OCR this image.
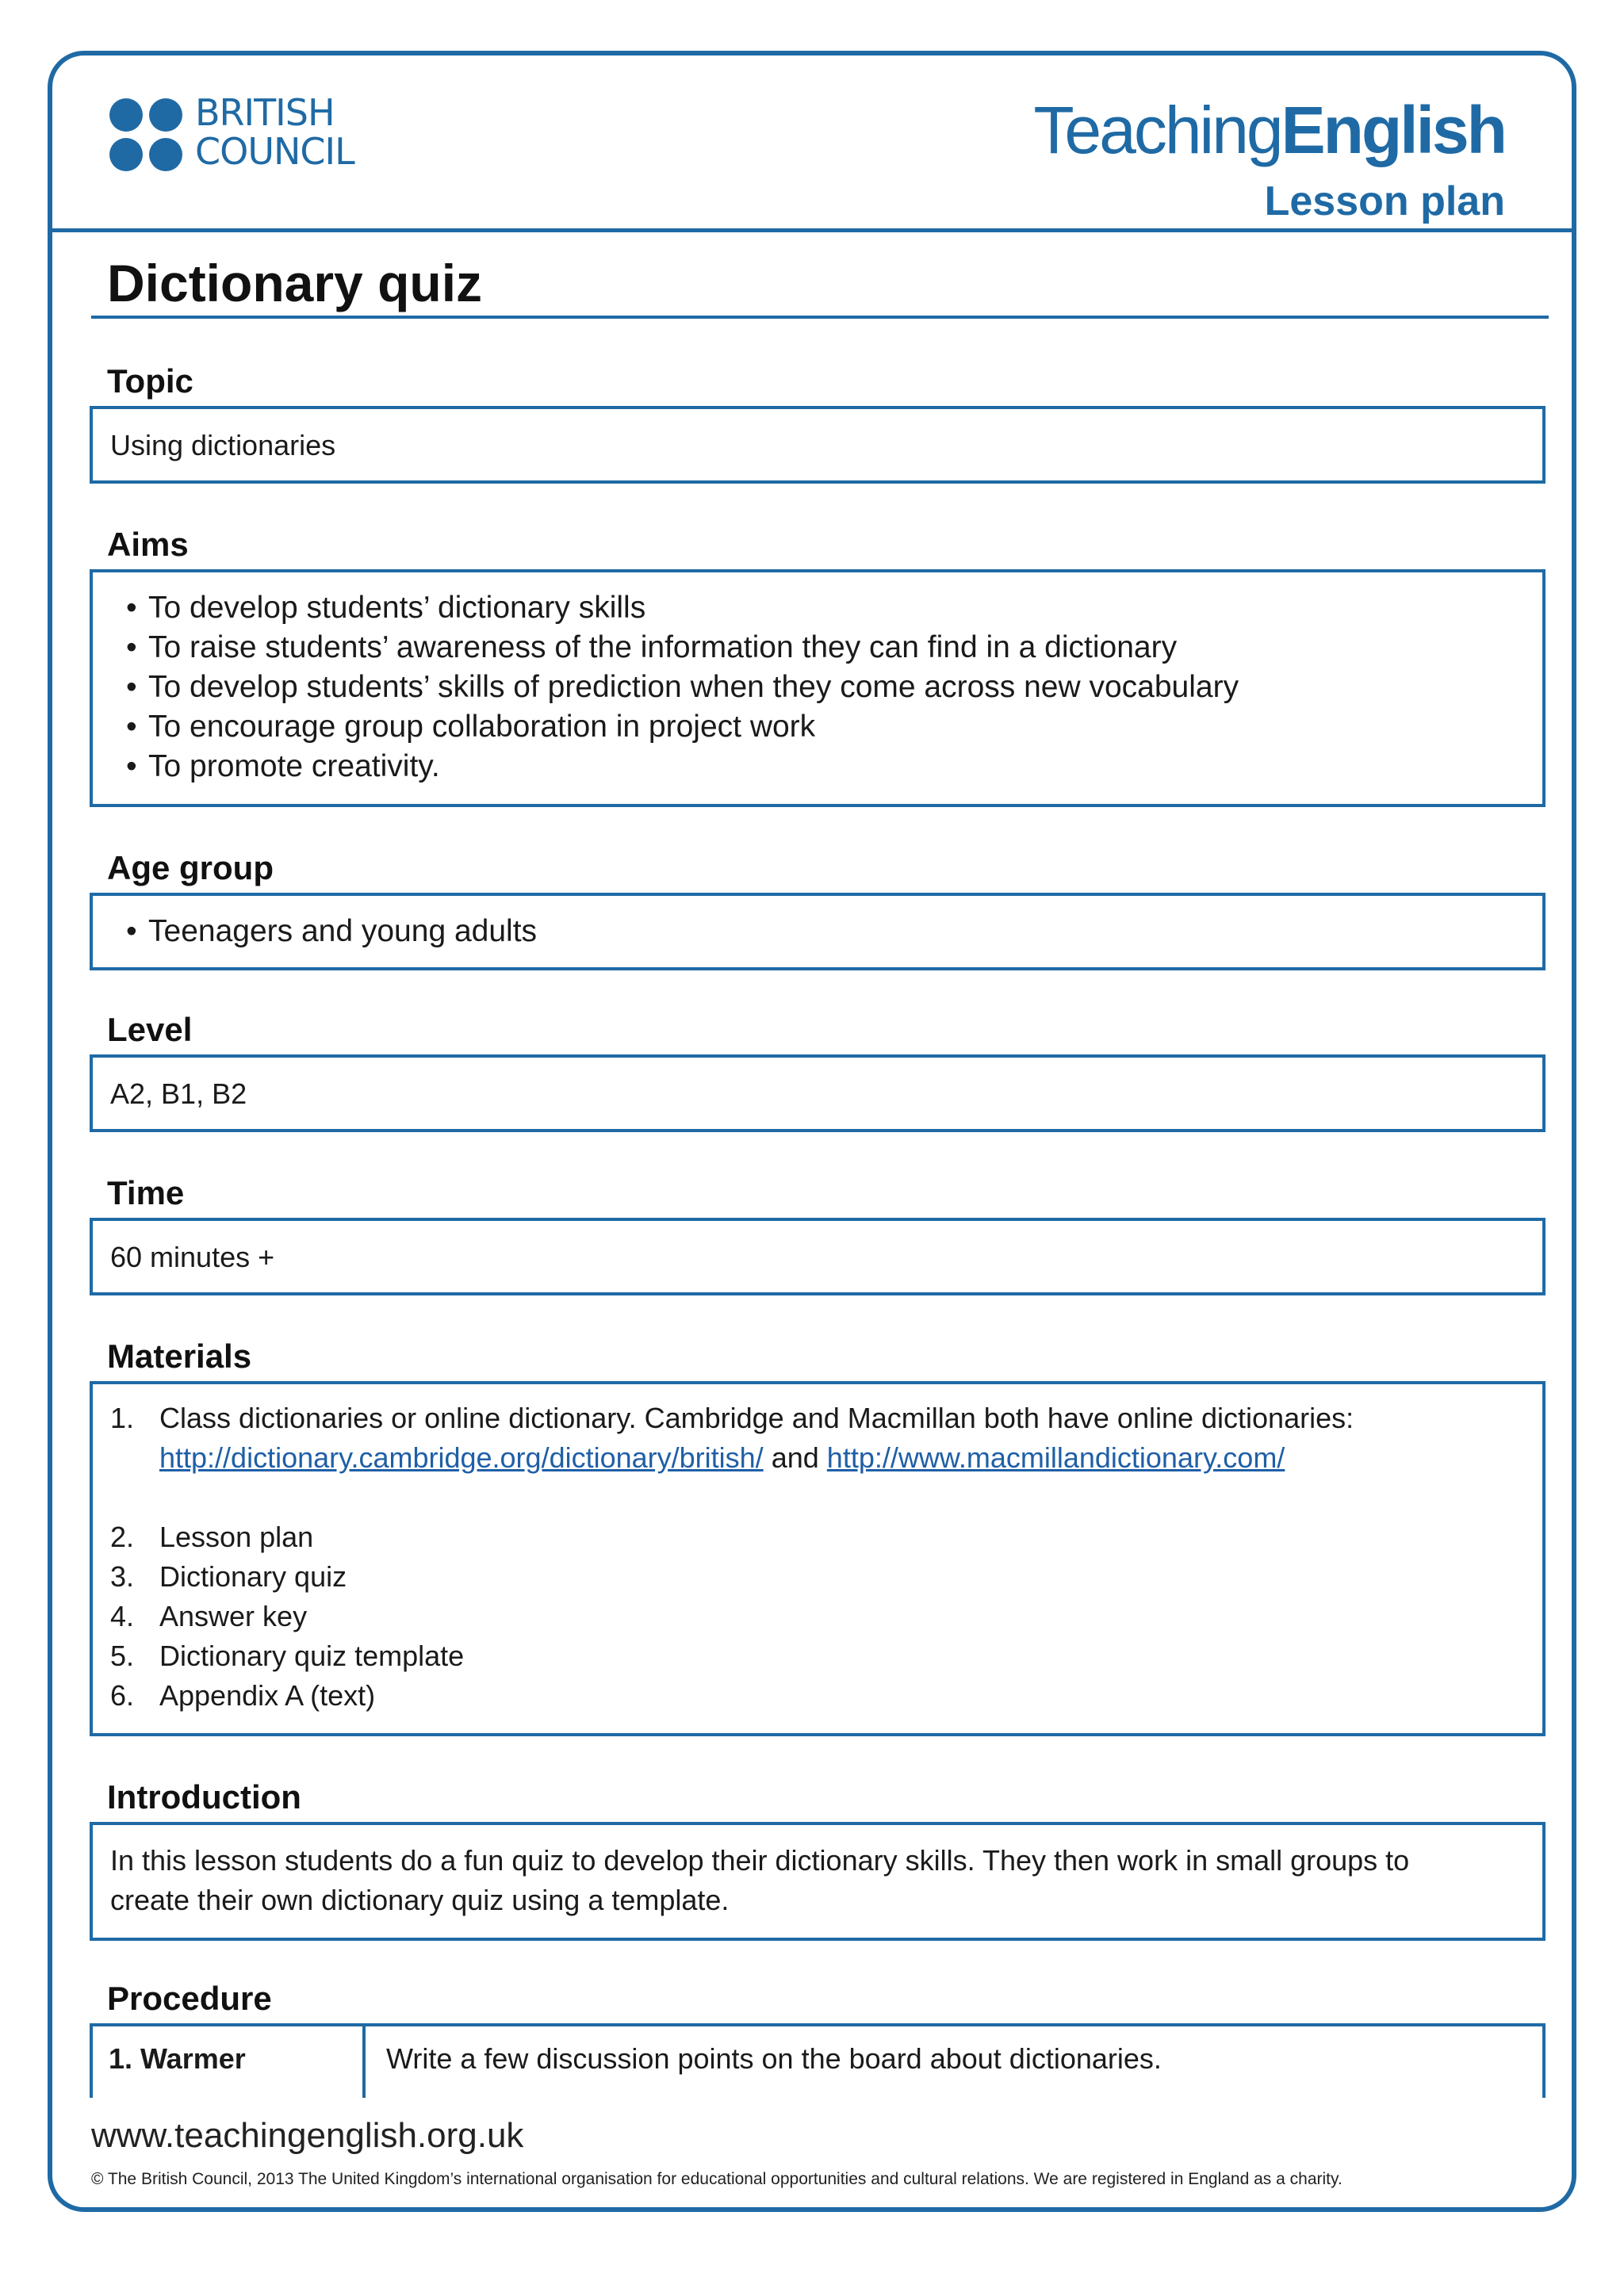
BRITISH
COUNCIL	TeachingEnglish
Lesson plan
Dictionary quiz
Topic
Using dictionaries
Aims
• To develop students’ dictionary skills
• To raise students’ awareness of the information they can find in a dictionary
• To develop students’ skills of prediction when they come across new vocabulary
• To encourage group collaboration in project work
• To promote creativity.
Age group
• Teenagers and young adults
Level
A2, B1, B2
Time
60 minutes +
Materials
1. Class dictionaries or online dictionary. Cambridge and Macmillan both have online dictionaries:
http://dictionary.cambridge.org/dictionary/british/ and http://www.macmillandictionary.com/
2. Lesson plan
3. Dictionary quiz
4. Answer key
5. Dictionary quiz template
6. Appendix A (text)
Introduction
In this lesson students do a fun quiz to develop their dictionary skills. They then work in small groups to
create their own dictionary quiz using a template.
Procedure
1. Warmer	Write a few discussion points on the board about dictionaries.
www.teachingenglish.org.uk
© The British Council, 2013 The United Kingdom’s international organisation for educational opportunities and cultural relations. We are registered in England as a charity.
